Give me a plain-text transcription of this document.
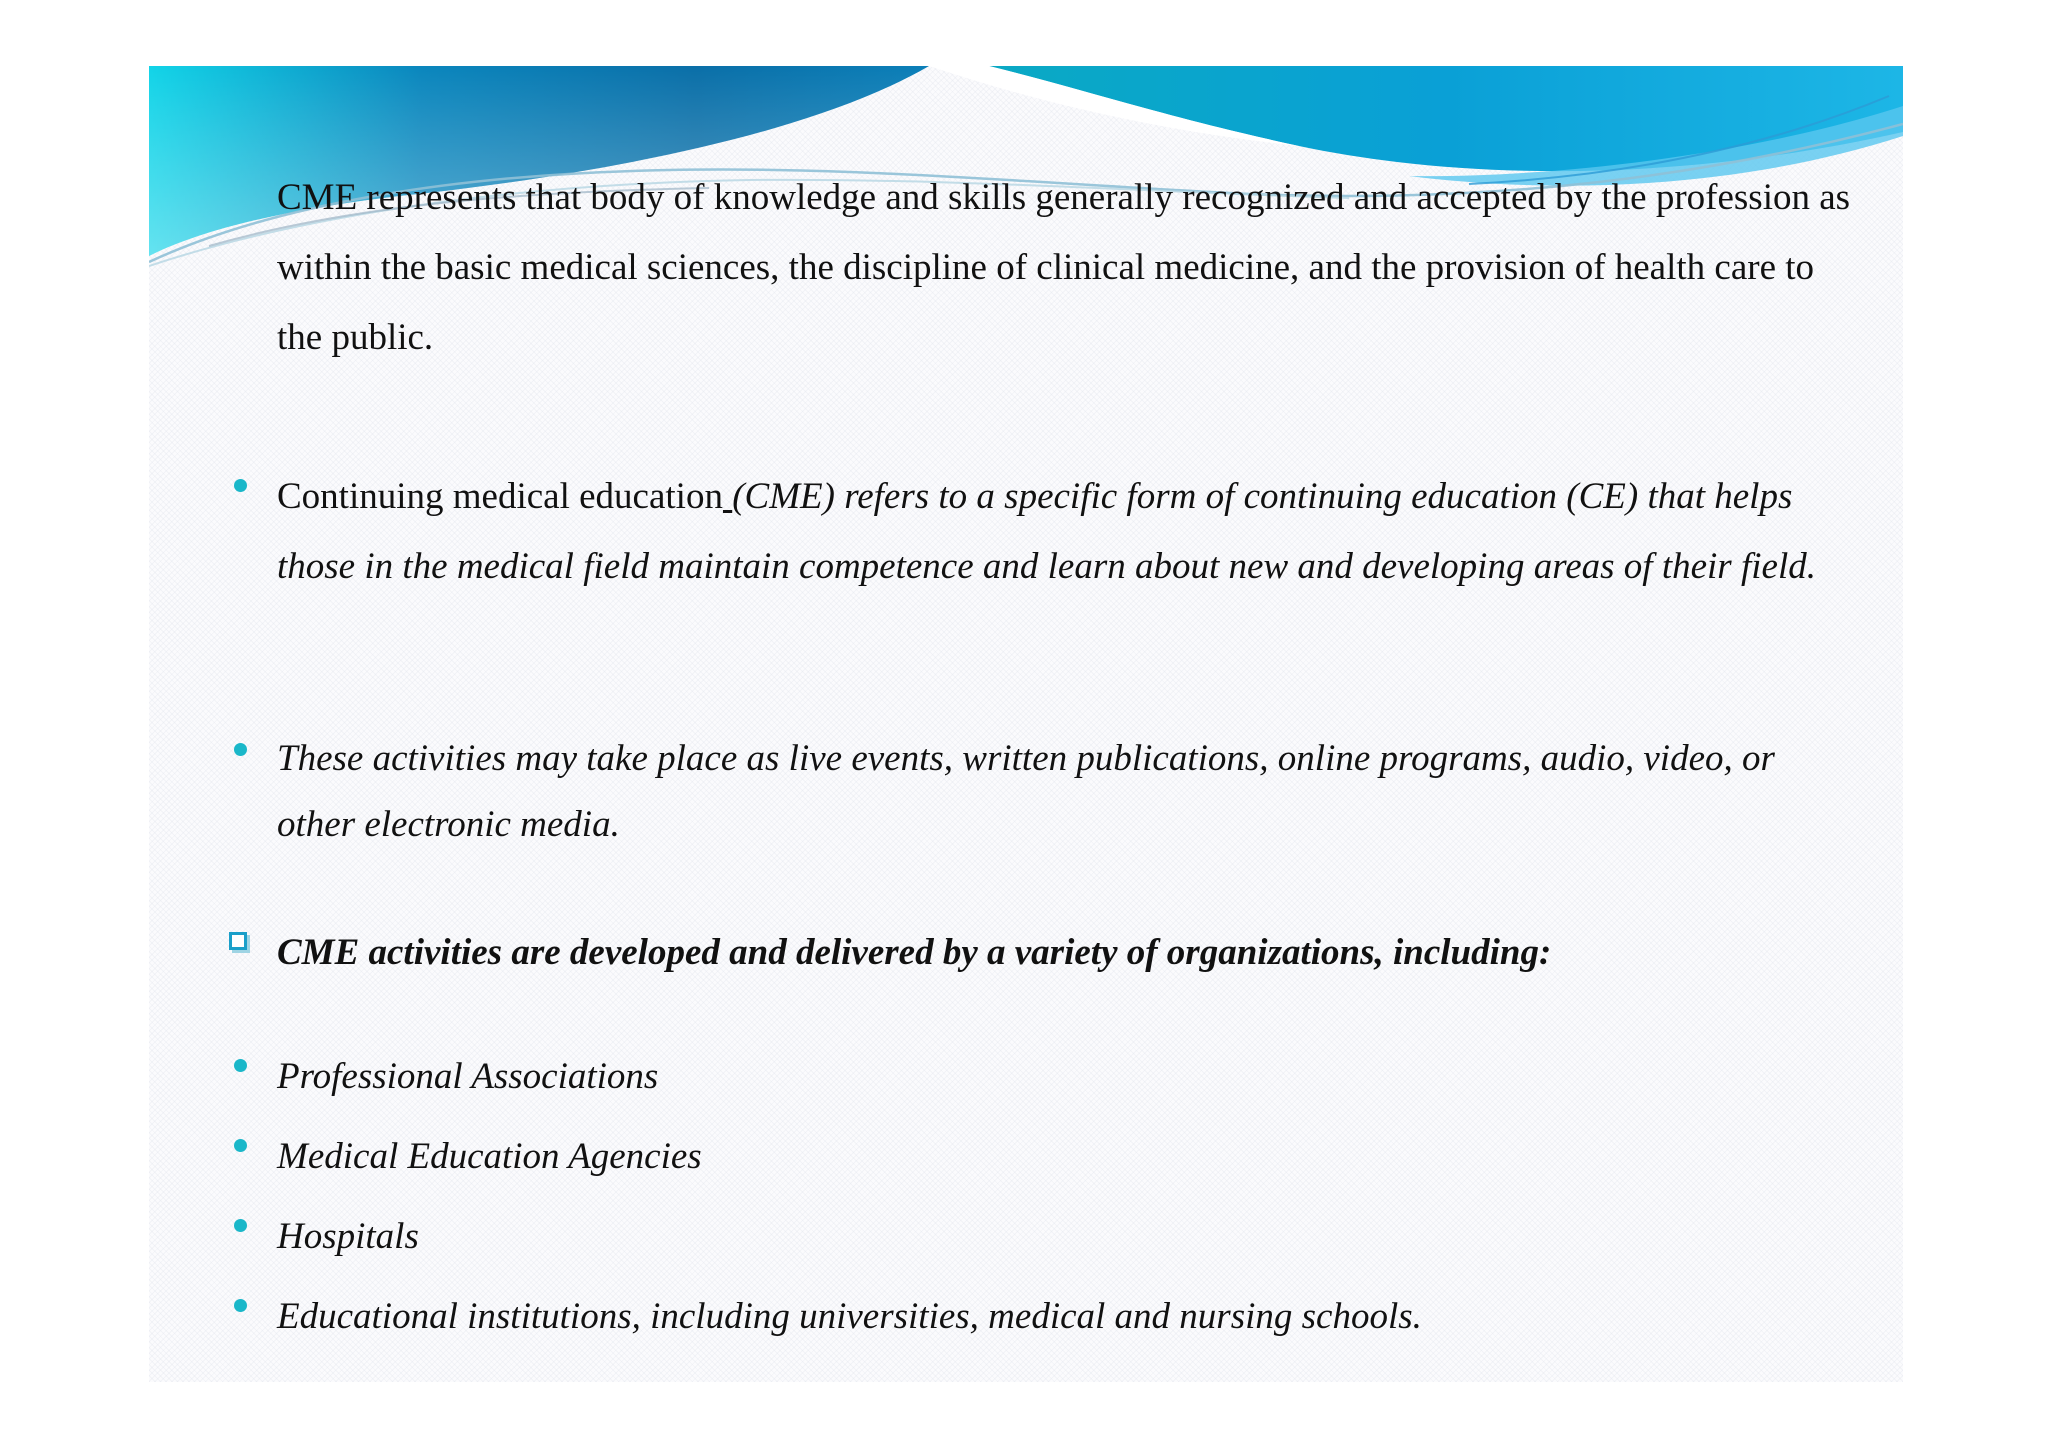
CME represents that body of knowledge and skills generally recognized and accepted by the profession as within the basic medical sciences, the discipline of clinical medicine, and the provision of health care to the public.
Continuing medical education (CME) refers to a specific form of continuing education (CE) that helps those in the medical field maintain competence and learn about new and developing areas of their field.
These activities may take place as live events, written publications, online programs, audio, video, or other electronic media.
CME activities are developed and delivered by a variety of organizations, including:
Professional Associations
Medical Education Agencies
Hospitals
Educational institutions, including universities, medical and nursing schools.
